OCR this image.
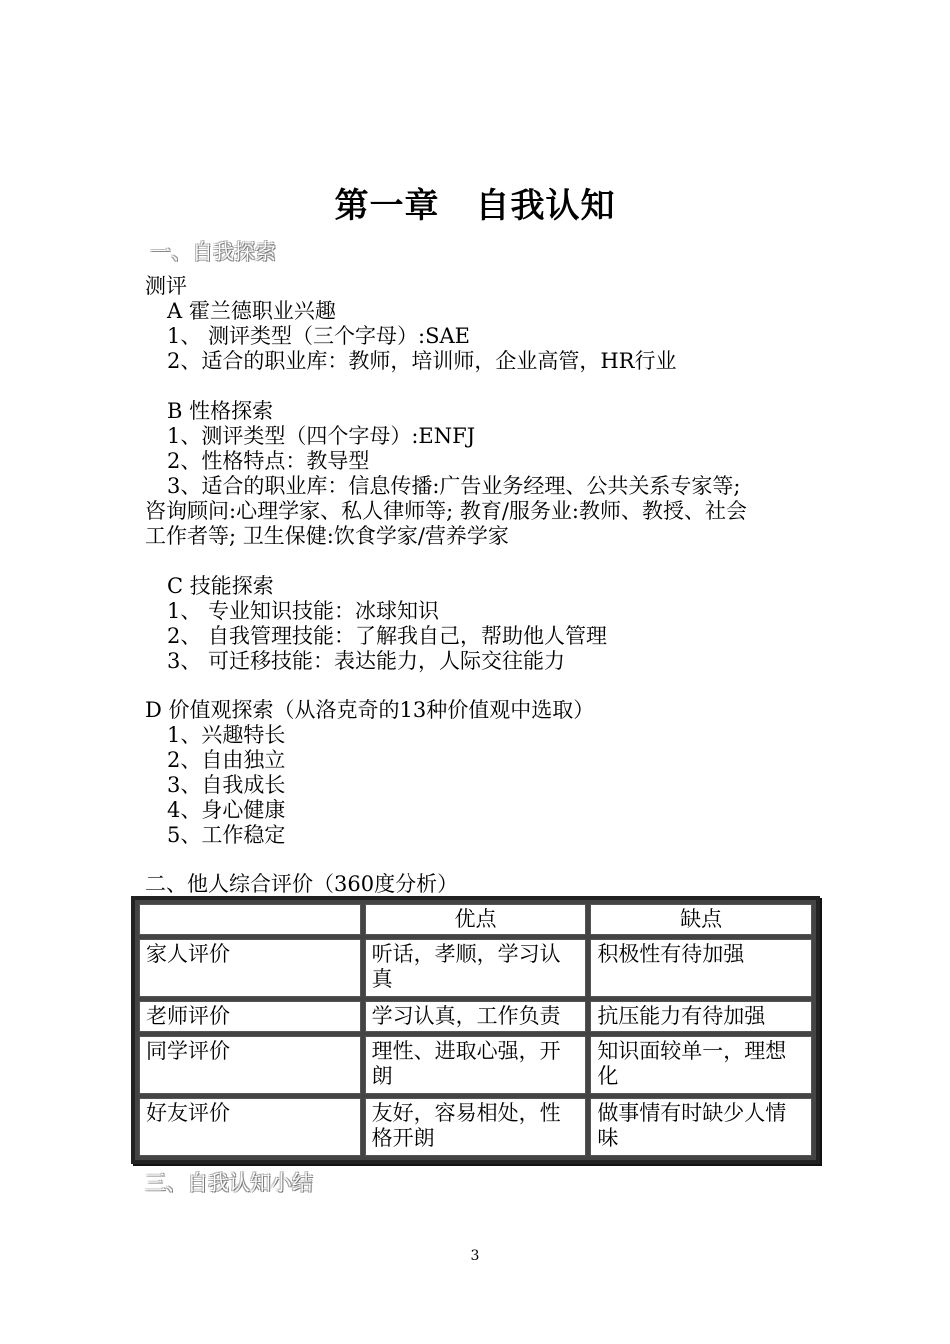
第一章 自我认知
一、自我探索
测评
A 霍兰德职业兴趣
1、 测评类型（三个字母）:SAE
2、适合的职业库：教师，培训师，企业高管，HR行业
B 性格探索
1、测评类型（四个字母）:ENFJ
2、性格特点：教导型
3、适合的职业库：信息传播:广告业务经理、公共关系专家等;
咨询顾问:心理学家、私人律师等; 教育/服务业:教师、教授、社会
工作者等; 卫生保健:饮食学家/营养学家
C 技能探索
1、 专业知识技能：冰球知识
2、 自我管理技能：了解我自己，帮助他人管理
3、 可迁移技能：表达能力，人际交往能力
D 价值观探索（从洛克奇的13种价值观中选取）
1、兴趣特长
2、自由独立
3、自我成长
4、身心健康
5、工作稳定
二、他人综合评价（360度分析）
	优点	缺点
家人评价	听话，孝顺，学习认真	积极性有待加强
老师评价	学习认真，工作负责	抗压能力有待加强
同学评价	理性、进取心强，开朗	知识面较单一，理想化
好友评价	友好，容易相处，性格开朗	做事情有时缺少人情味
三、自我认知小结
3
